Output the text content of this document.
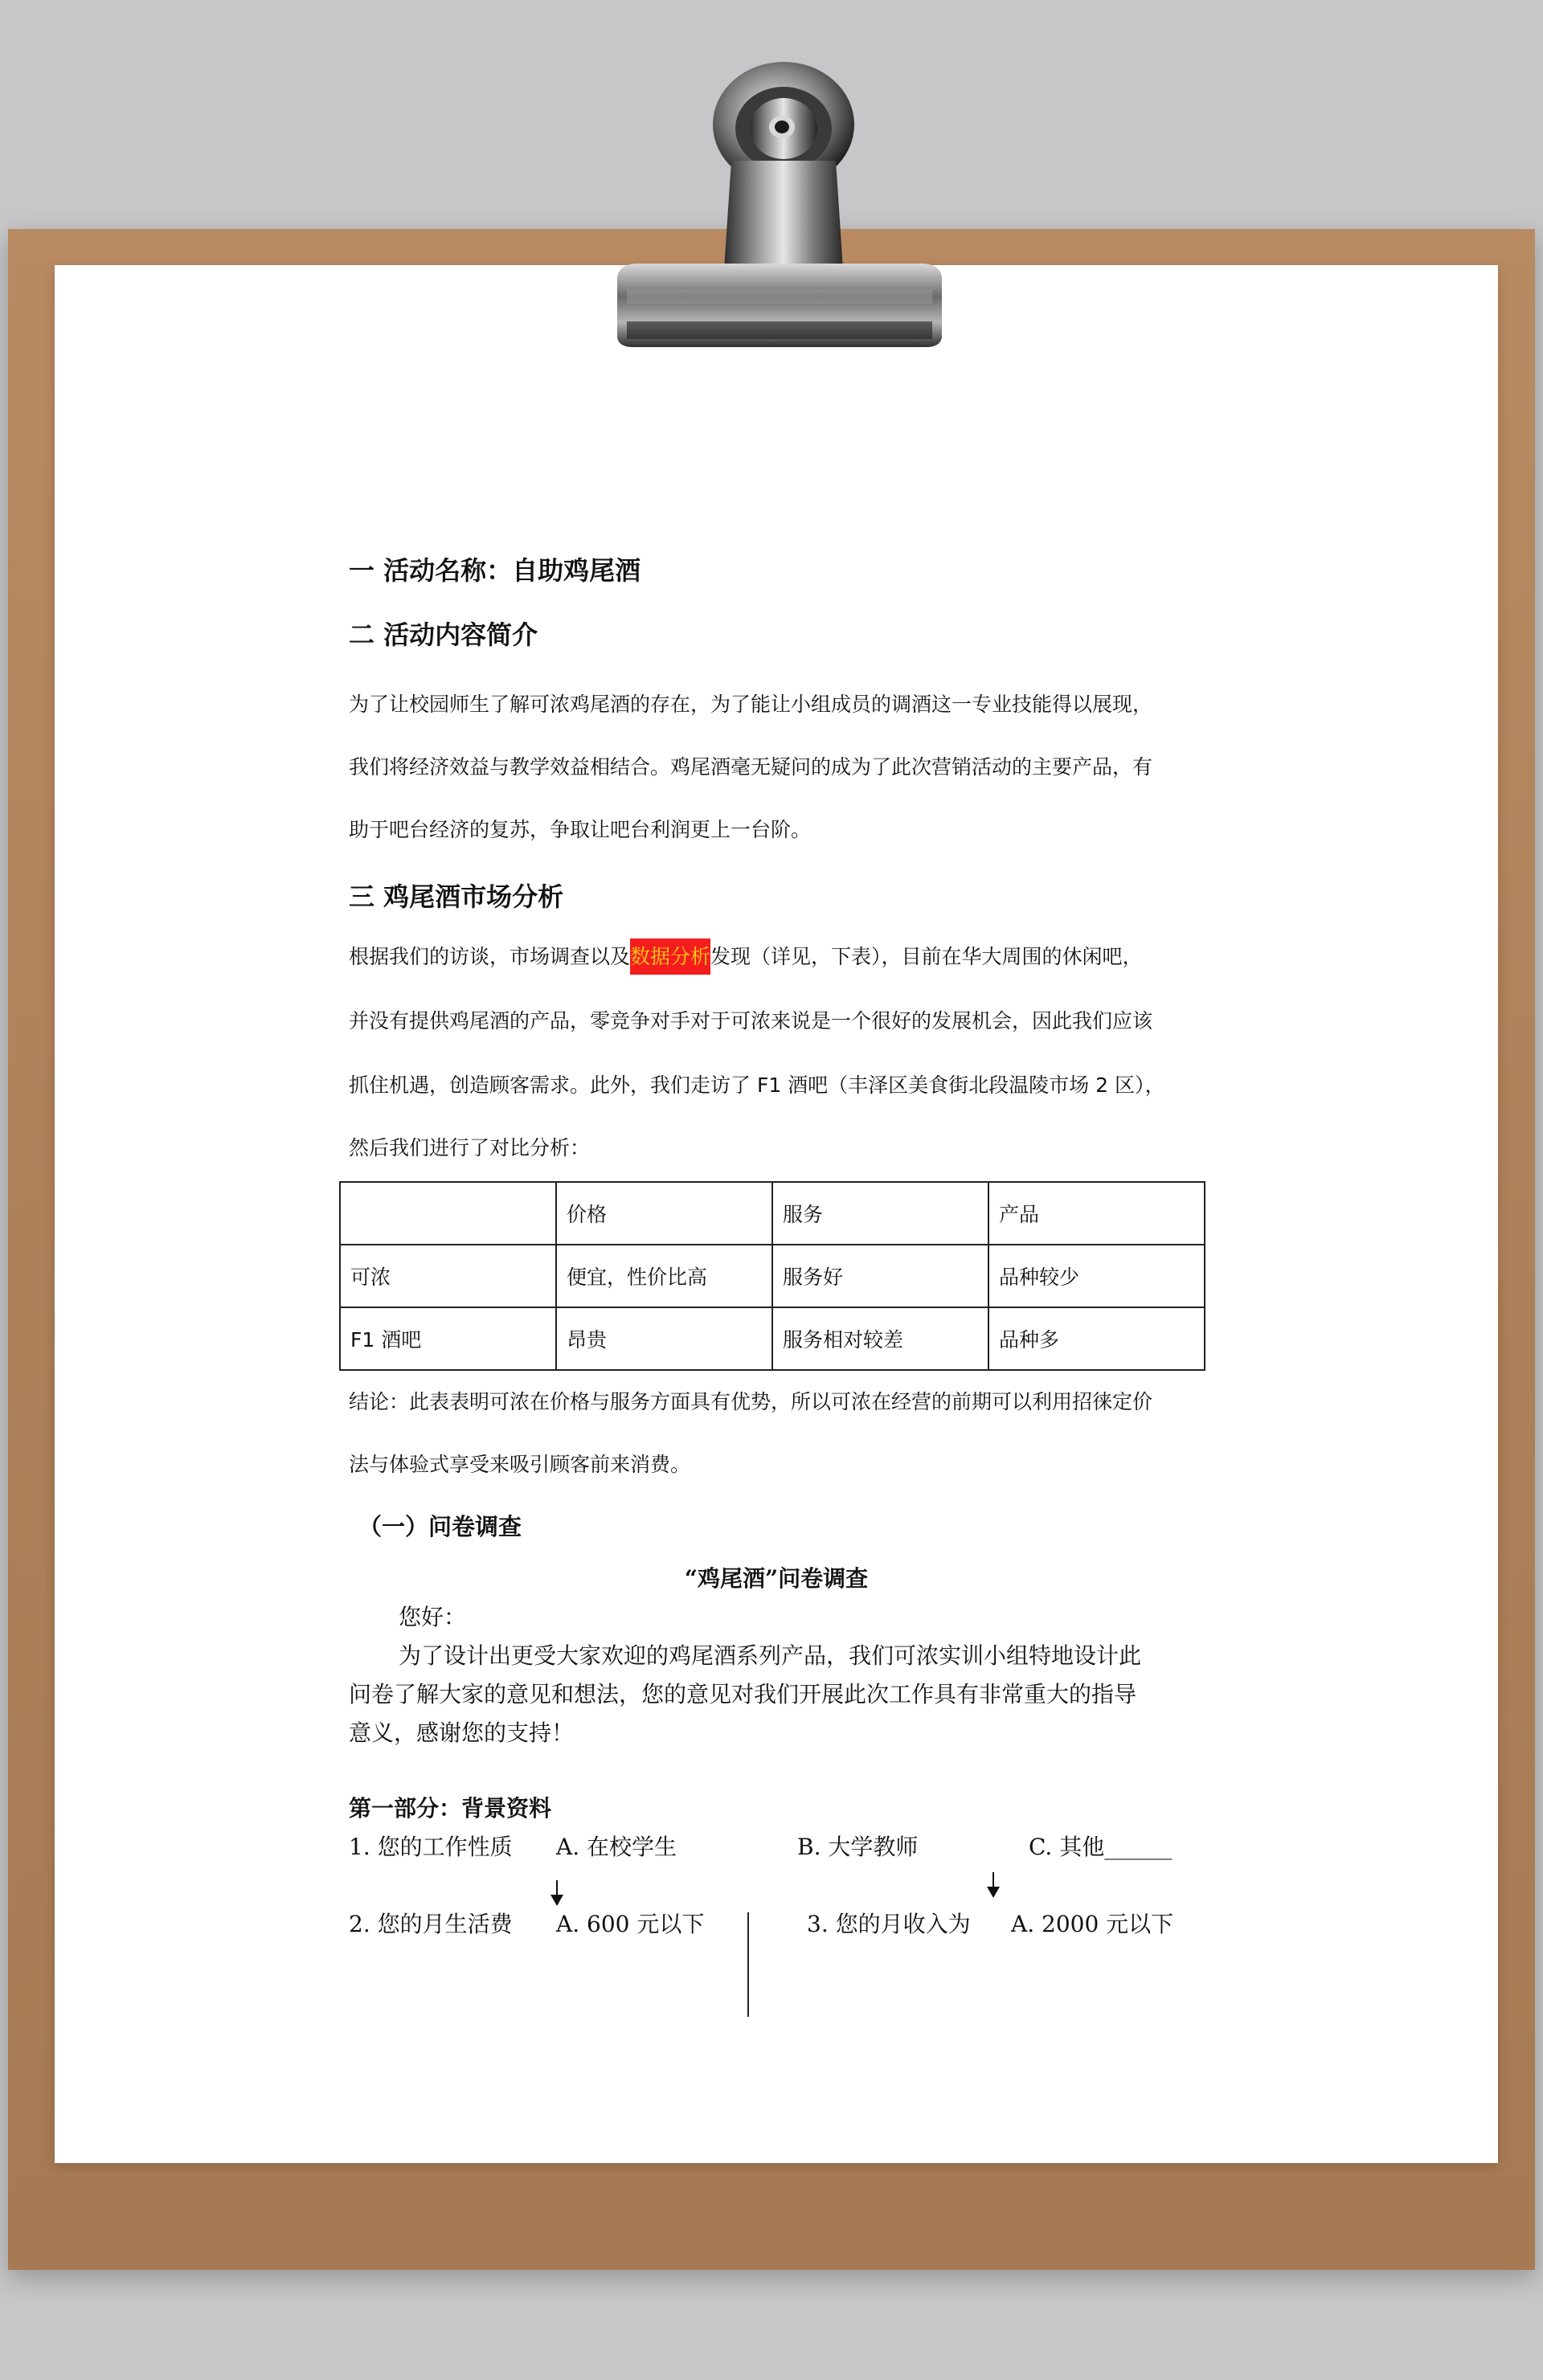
一 活动名称：自助鸡尾酒
二 活动内容简介
为了让校园师生了解可浓鸡尾酒的存在，为了能让小组成员的调酒这一专业技能得以展现，
我们将经济效益与教学效益相结合。鸡尾酒毫无疑问的成为了此次营销活动的主要产品，有
助于吧台经济的复苏，争取让吧台利润更上一台阶。
三 鸡尾酒市场分析
根据我们的访谈，市场调查以及数据分析发现（详见，下表），目前在华大周围的休闲吧，
并没有提供鸡尾酒的产品，零竞争对手对于可浓来说是一个很好的发展机会，因此我们应该
抓住机遇，创造顾客需求。此外，我们走访了 F1 酒吧（丰泽区美食街北段温陵市场 2 区），
然后我们进行了对比分析：
	价格	服务	产品
可浓	便宜，性价比高	服务好	品种较少
F1 酒吧	昂贵	服务相对较差	品种多
结论：此表表明可浓在价格与服务方面具有优势，所以可浓在经营的前期可以利用招徕定价
法与体验式享受来吸引顾客前来消费。
（一）问卷调查
“鸡尾酒”问卷调查
您好：
为了设计出更受大家欢迎的鸡尾酒系列产品，我们可浓实训小组特地设计此
问卷了解大家的意见和想法，您的意见对我们开展此次工作具有非常重大的指导
意义，感谢您的支持！
第一部分：背景资料
1. 您的工作性质 A. 在校学生	B. 大学教师	C. 其他______
2. 您的月生活费 A. 600 元以下	3. 您的月收入为 A. 2000 元以下
